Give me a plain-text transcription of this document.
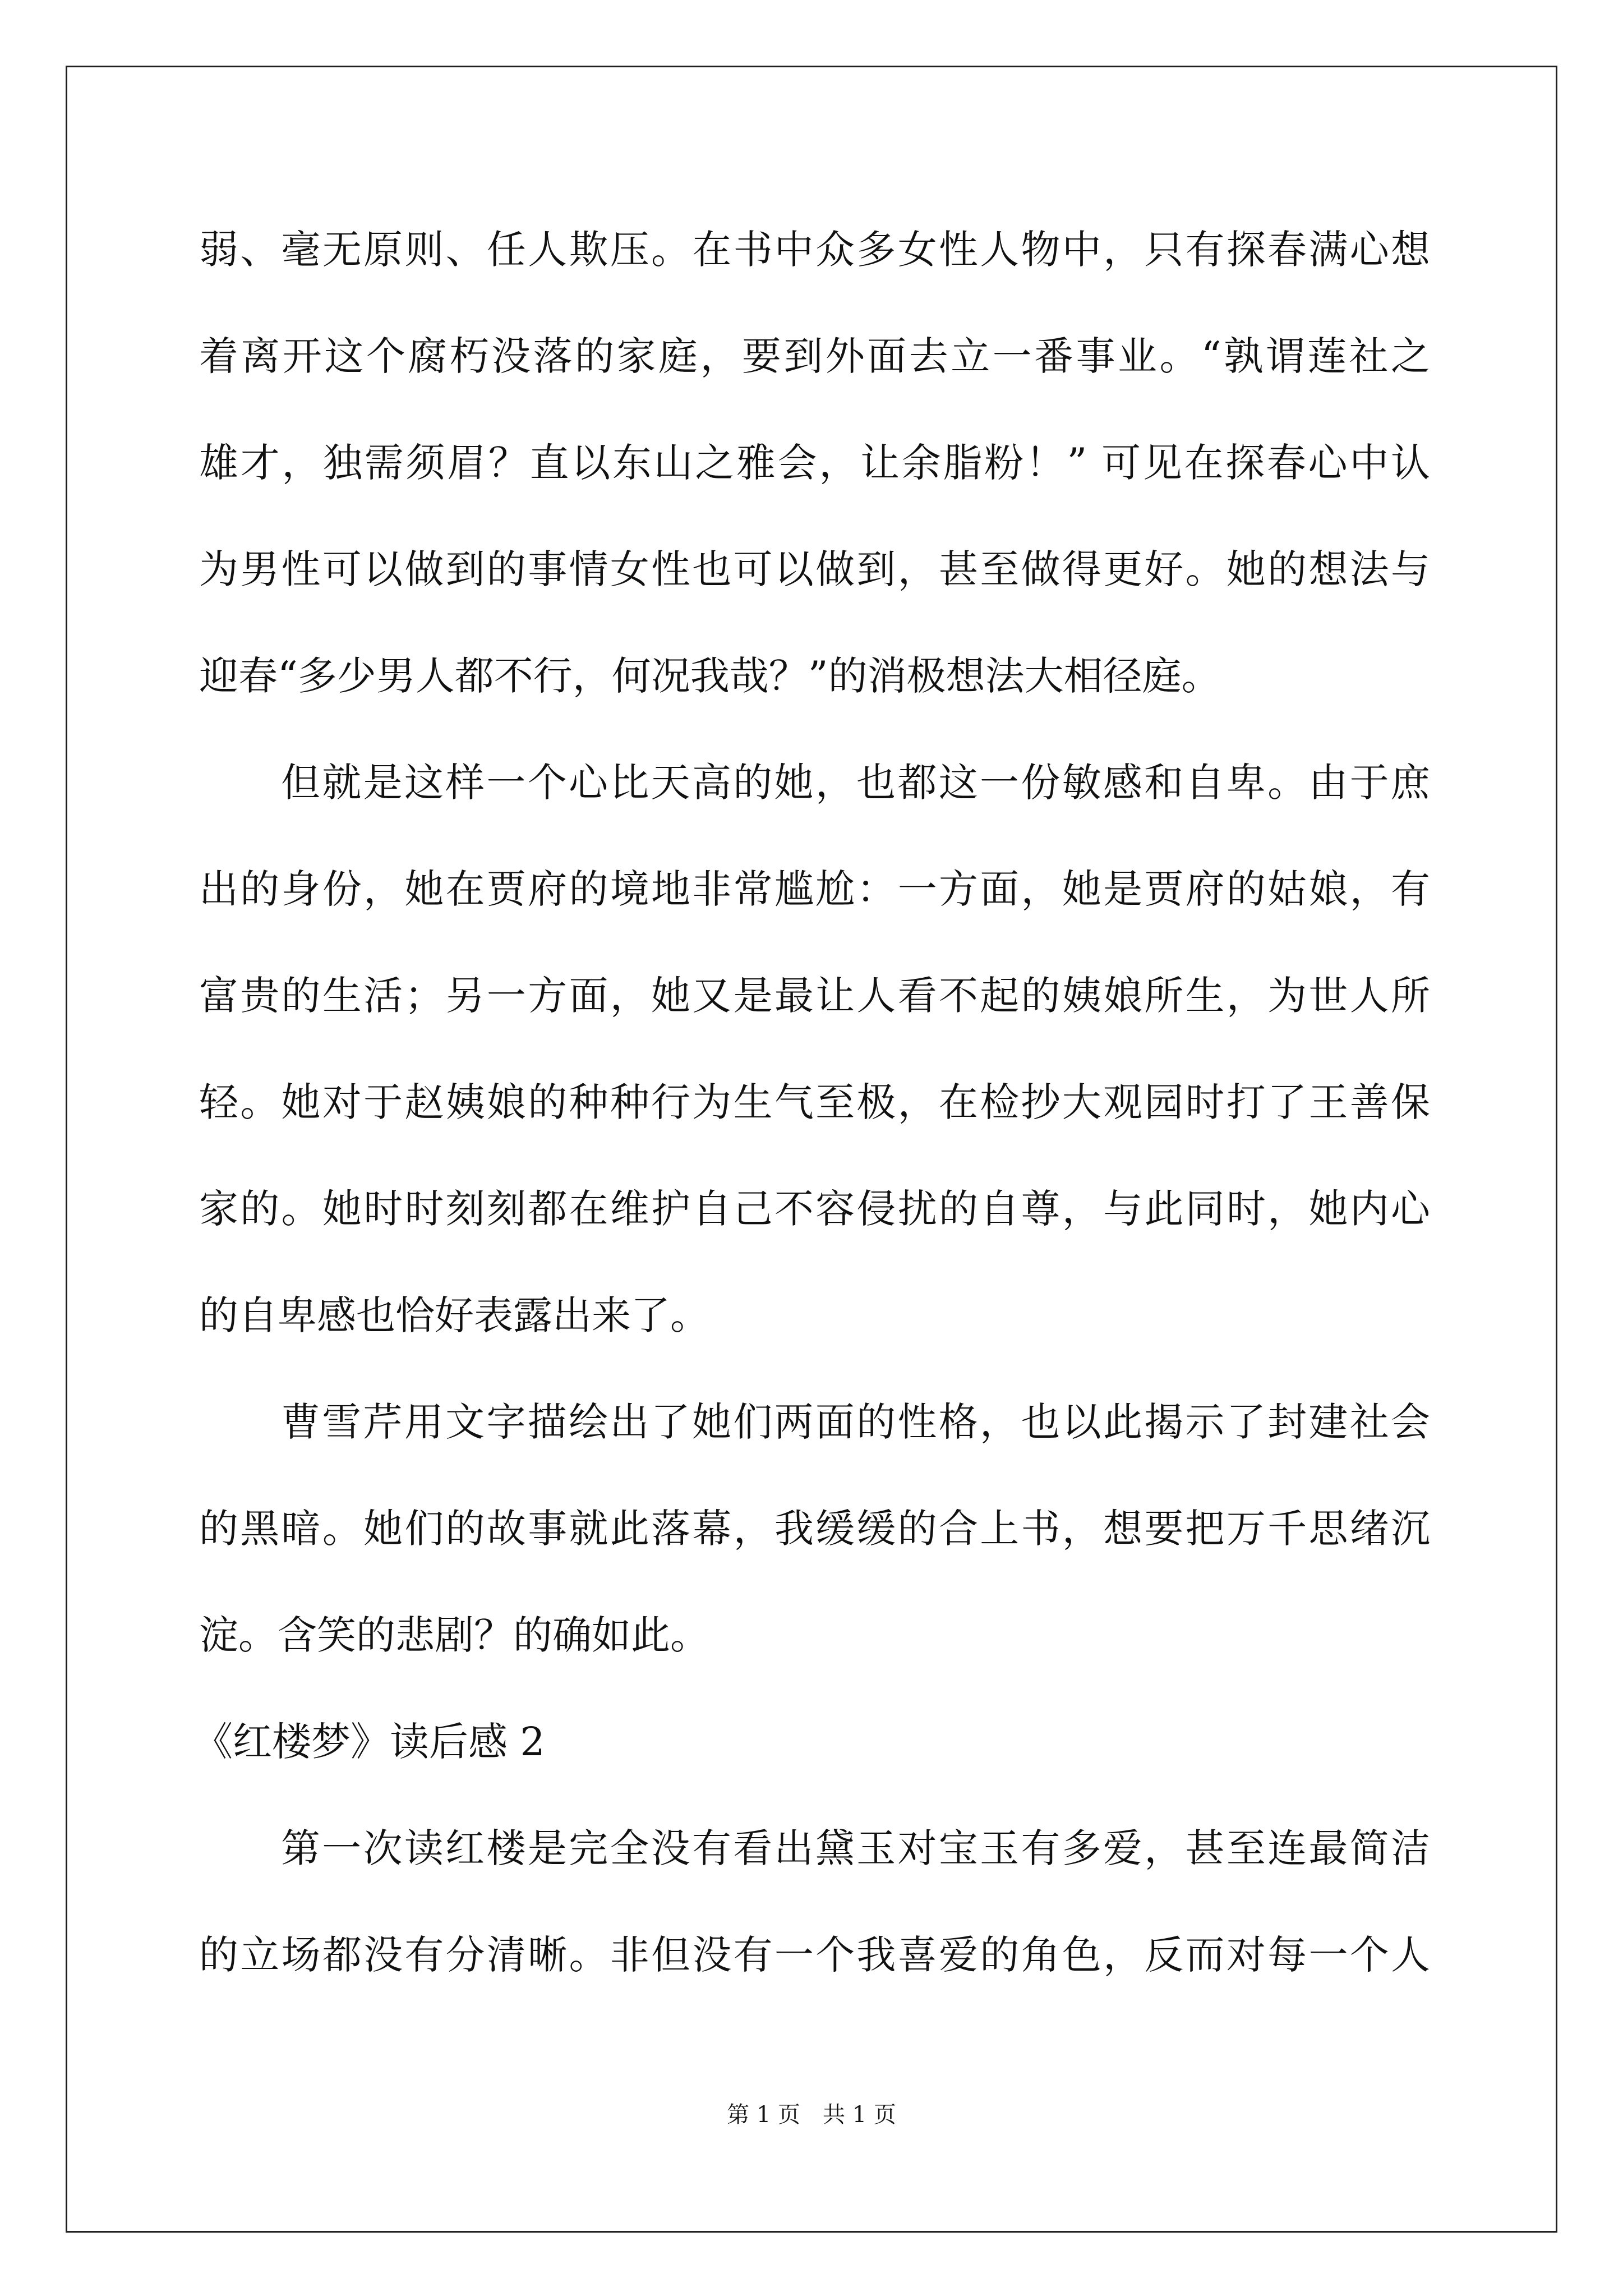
弱、毫无原则、任人欺压。在书中众多女性人物中，只有探春满心想
着离开这个腐朽没落的家庭，要到外面去立一番事业。“孰谓莲社之
雄才，独需须眉？直以东山之雅会，让余脂粉！” 可见在探春心中认
为男性可以做到的事情女性也可以做到，甚至做得更好。她的想法与
迎春“多少男人都不行，何况我哉？”的消极想法大相径庭。
但就是这样一个心比天高的她，也都这一份敏感和自卑。由于庶
出的身份，她在贾府的境地非常尴尬：一方面，她是贾府的姑娘，有
富贵的生活；另一方面，她又是最让人看不起的姨娘所生，为世人所
轻。她对于赵姨娘的种种行为生气至极，在检抄大观园时打了王善保
家的。她时时刻刻都在维护自己不容侵扰的自尊，与此同时，她内心
的自卑感也恰好表露出来了。
曹雪芹用文字描绘出了她们两面的性格，也以此揭示了封建社会
的黑暗。她们的故事就此落幕，我缓缓的合上书，想要把万千思绪沉
淀。含笑的悲剧？的确如此。
《红楼梦》读后感 2
第一次读红楼是完全没有看出黛玉对宝玉有多爱，甚至连最简洁
的立场都没有分清晰。非但没有一个我喜爱的角色，反而对每一个人
第 1 页　共 1 页
